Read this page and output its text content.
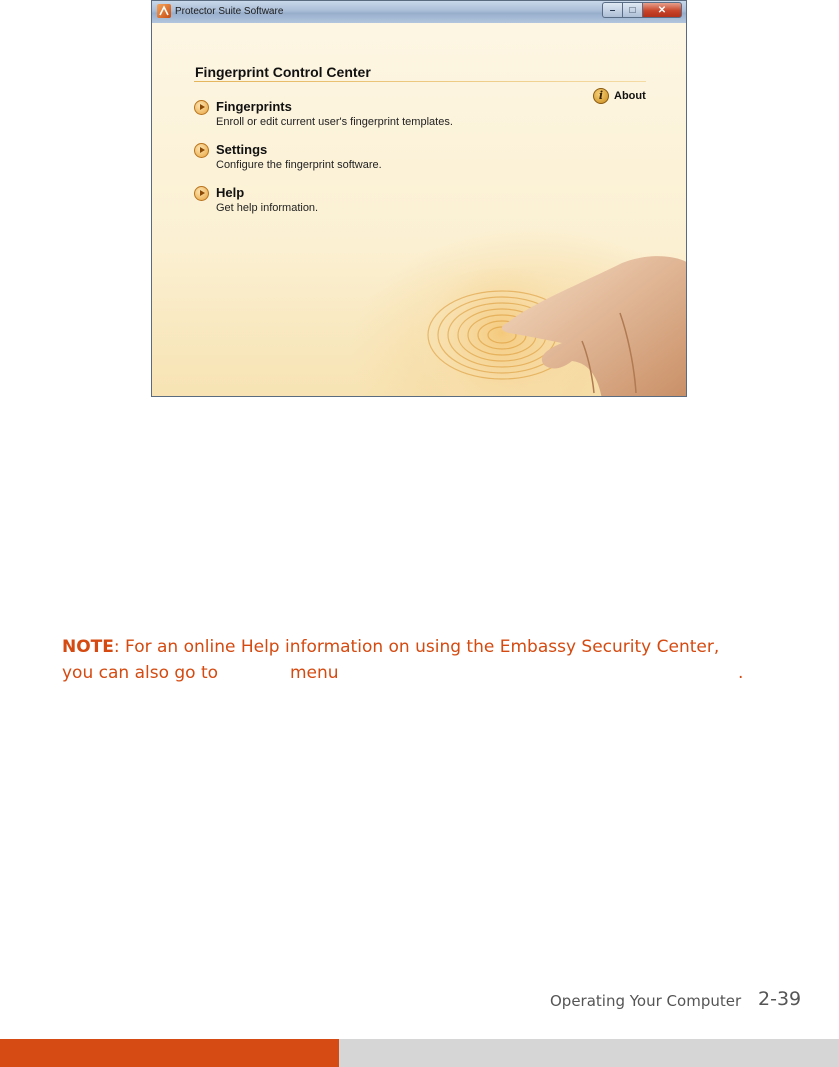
Protector Suite Software	–	□	✕
Fingerprint Control Center
i About
Fingerprints
Enroll or edit current user's fingerprint templates.
Settings
Configure the fingerprint software.
Help
Get help information.
NOTE: For an online Help information on using the Embassy Security Center,
you can also go to	menu	.
Operating Your Computer 2-39
